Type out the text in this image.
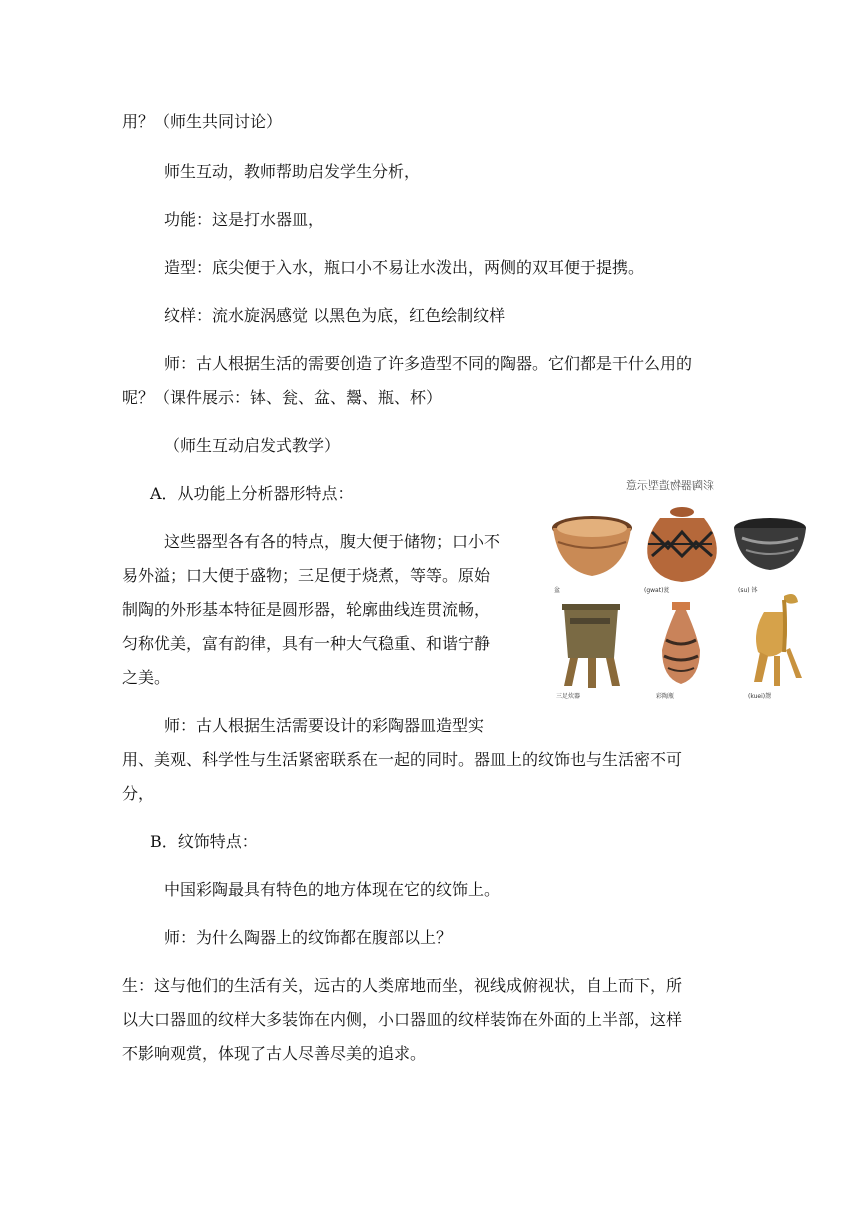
用？（师生共同讨论）
师生互动，教师帮助启发学生分析，
功能：这是打水器皿，
造型：底尖便于入水，瓶口小不易让水泼出，两侧的双耳便于提携。
纹样：流水旋涡感觉 以黑色为底，红色绘制纹样
师：古人根据生活的需要创造了许多造型不同的陶器。它们都是干什么用的
呢？（课件展示：钵、瓮、盆、鬶、瓶、杯）
（师生互动启发式教学）
A．从功能上分析器形特点：
这些器型各有各的特点，腹大便于储物；口小不
易外溢；口大便于盛物；三足便于烧煮，等等。原始
制陶的外形基本特征是圆形器，轮廓曲线连贯流畅，
匀称优美，富有韵律，具有一种大气稳重、和谐宁静
之美。
师：古人根据生活需要设计的彩陶器皿造型实
用、美观、科学性与生活紧密联系在一起的同时。器皿上的纹饰也与生活密不可
分，
B．纹饰特点：
中国彩陶最具有特色的地方体现在它的纹饰上。
师：为什么陶器上的纹饰都在腹部以上？
生：这与他们的生活有关，远古的人类席地而坐，视线成俯视状，自上而下，所
以大口器皿的纹样大多装饰在内侧，小口器皿的纹样装饰在外面的上半部，这样
不影响观赏，体现了古人尽善尽美的追求。
彩陶器物造型示意
盆	(gwat)瓮	(su) 钵
三足炊器	彩陶瓶	(kuei)鬶
